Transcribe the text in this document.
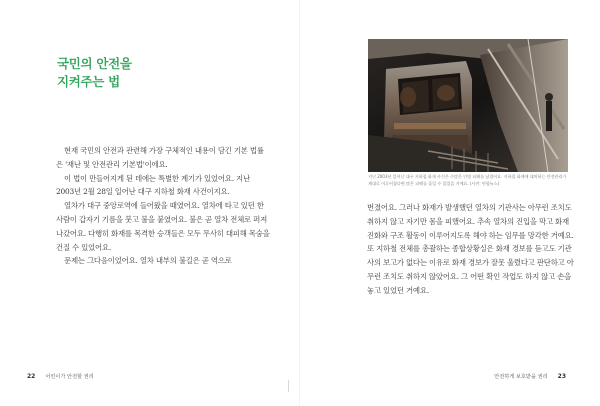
국민의 안전을
지켜주는 법

현재 국민의 안전과 관련해 가장 구체적인 내용이 담긴 기본 법률은 '재난 및 안전관리 기본법'이에요.

이 법이 만들어지게 된 데에는 특별한 계기가 있었어요. 지난 2003년 2월 28일 일어난 대구 지하철 화재 사건이지요.

열차가 대구 중앙로역에 들어왔을 때였어요. 열차에 타고 있던 한 사람이 갑자기 기름을 붓고 불을 붙였어요. 불은 곧 열차 전체로 퍼져나갔어요. 다행히 화재를 목격한 승객들은 모두 무사히 대피해 목숨을 건질 수 있었어요.

문제는 그다음이었어요. 열차 내부의 불길은 곧 역으로

22 어린이가 안전할 권리
지난 2003년 일어난 대구 지하철 화재 사건은 수많은 인명 피해를 남겼어요. 지하철 화재에 대처하는 안전관리가 제대로 이루어졌다면 많은 피해를 줄일 수 있었을 거예요. (사진: 연합뉴스)

번졌어요. 그러나 화재가 발생했던 열차의 기관사는 아무런 조치도 취하지 않고 자기만 몸을 피했어요. 추속 열차의 진입을 막고 화재 진화와 구조 활동이 이루어지도록 해야 하는 임무를 망각한 거예요. 또 지하철 전체를 총괄하는 종합상황실은 화재 경보를 듣고도 기관사의 보고가 없다는 이유로 화재 경보가 잘못 울렸다고 판단하고 아무런 조치도 취하지 않았어요. 그 어떤 확인 작업도 하지 않고 손을 놓고 있었던 거예요.

안전하게 보호받을 권리 23
